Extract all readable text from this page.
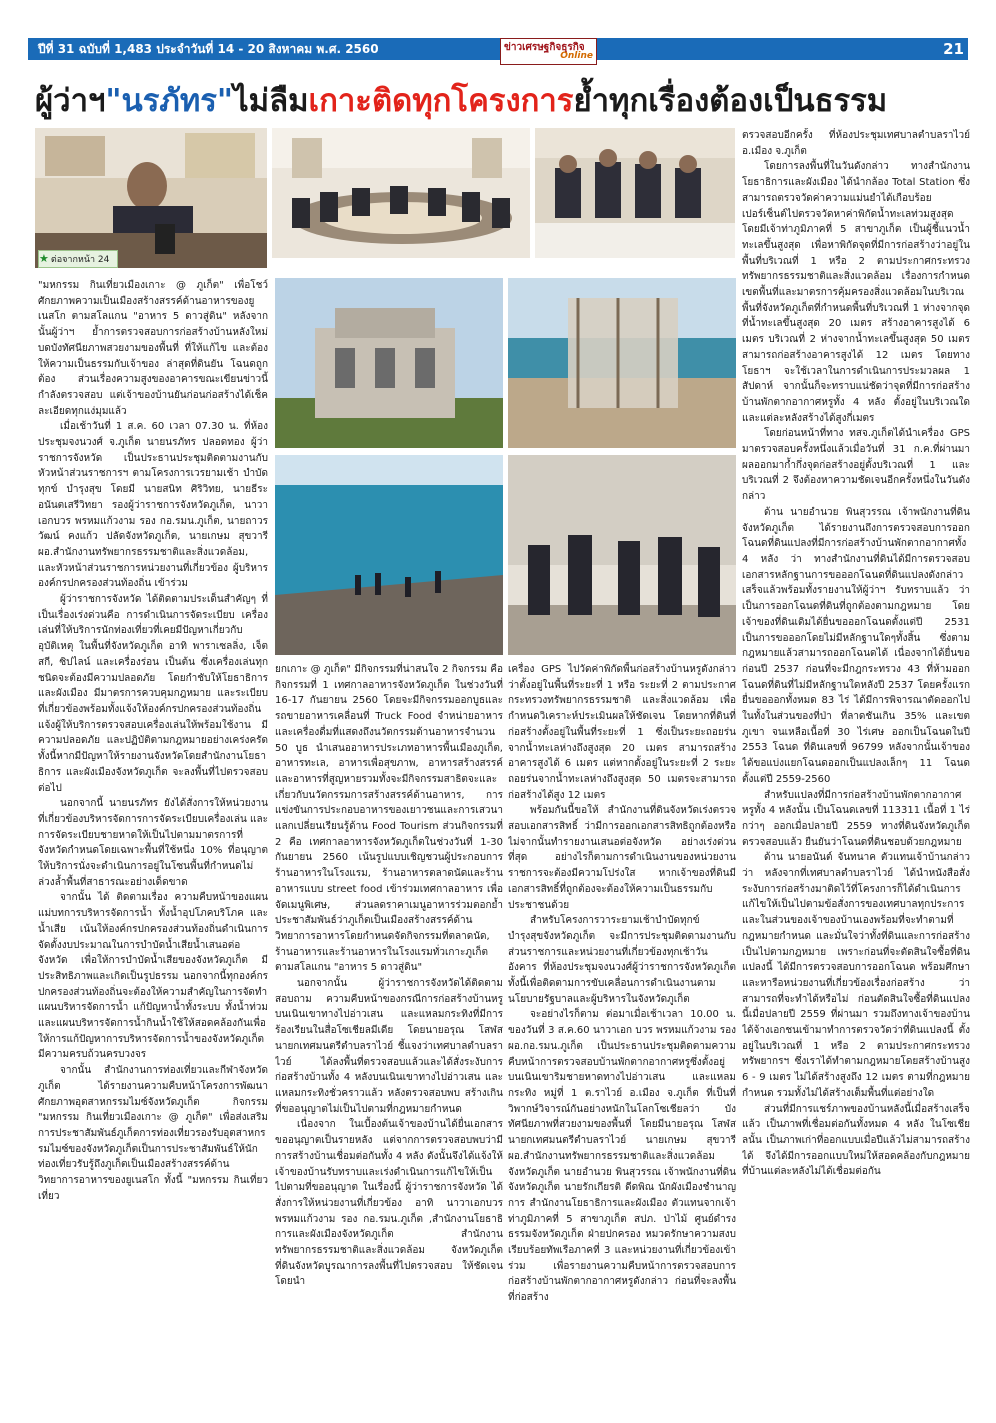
ปีที่ 31 ฉบับที่ 1,483 ประจำวันที่ 14 - 20 สิงหาคม พ.ศ. 2560	ข่าวเศรษฐกิจธุรกิจ
Online	21
ผู้ว่าฯ"นรภัทร"ไม่ลืมเกาะติดทุกโครงการย้ำทุกเรื่องต้องเป็นธรรม
★ ต่อจากหน้า 24

"มหกรรม กินเที่ยวเมืองเกาะ @ ภูเก็ต" เพื่อโชว์ ศักยภาพความเป็นเมืองสร้างสรรค์ด้านอาหารของยูเนสโก ตามสโลแกน "อาหาร 5 ดาวสู่ดิน" หลังจากนั้นผู้ว่าฯ ย้ำการตรวจสอบการก่อสร้างบ้านหลังใหม่ บดบังทัศนียภาพสวยงามของพื้นที่ ที่ให้แก้ไข และต้องให้ความเป็นธรรมกับเจ้าของ ล่าสุดที่ดินยัน โฉนดถูกต้อง ส่วนเรื่องความสูงของอาคารขณะเขียนข่าวนี้กำลังตรวจสอบ แต่เจ้าของบ้านยันก่อนก่อสร้างได้เช็คละเอียดทุกแง่มุมแล้ว

เมื่อเช้าวันที่ 1 ส.ค. 60 เวลา 07.30 น. ที่ห้องประชุมจงนวงศ์ จ.ภูเก็ต นายนรภัทร ปลอดทอง ผู้ว่าราชการจังหวัด เป็นประธานประชุมติดตามงานกับหัวหน้าส่วนราชการฯ ตามโครงการเวรยามเช้า บำบัดทุกข์ บำรุงสุข โดยมี นายสนิท ศิริวิทย, นายธีระ อนันตเสรีวิทยา รองผู้ว่าราชการจังหวัดภูเก็ต, นาวาเอกบวร พรหมแก้วงาม รอง กอ.รมน.ภูเก็ต, นายถาวรวัฒน์ คงแก้ว ปลัดจังหวัดภูเก็ต, นายเกษม สุขวารี ผอ.สำนักงานทรัพยากรธรรมชาติและสิ่งแวดล้อม, และหัวหน้าส่วนราชการหน่วยงานที่เกี่ยวข้อง ผู้บริหารองค์กรปกครองส่วนท้องถิ่น เข้าร่วม

ผู้ว่าราชการจังหวัด ได้ติดตามประเด็นสำคัญๆ ที่เป็นเรื่องเร่งด่วนคือ การดำเนินการจัดระเบียบ เครื่องเล่นที่ให้บริการนักท่องเที่ยวที่เคยมีปัญหาเกี่ยวกับอุบัติเหตุ ในพื้นที่จังหวัดภูเก็ต อาทิ พาราเซลลิ่ง, เจ็ตสกี, ซิปไลน์ และเครื่องร่อน เป็นต้น ซึ่งเครื่องเล่นทุกชนิดจะต้องมีความปลอดภัย โดยกำชับให้โยธาธิการและผังเมือง มีมาตรการควบคุมกฎหมาย และระเบียบที่เกี่ยวข้องพร้อมทั้งแจ้งให้องค์กรปกครองส่วนท้องถิ่นแจ้งผู้ให้บริการตรวจสอบเครื่องเล่นให้พร้อมใช้งาน มีความปลอดภัย และปฏิบัติตามกฎหมายอย่างเคร่งครัด ทั้งนี้หากมีปัญหาให้รายงานจังหวัดโดยสำนักงานโยธาธิการ และผังเมืองจังหวัดภูเก็ต จะลงพื้นที่ไปตรวจสอบต่อไป

นอกจากนี้ นายนรภัทร ยังได้สั่งการให้หน่วยงานที่เกี่ยวข้องบริหารจัดการการจัดระเบียบเครื่องเล่น และการจัดระเบียบชายหาดให้เป็นไปตามมาตรการที่จังหวัดกำหนดโดยเฉพาะพื้นที่ใช้หนึ่ง 10% ที่อนุญาตให้บริการนั่งจะดำเนินการอยู่ในโซนพื้นที่กำหนดไม่ล่วงล้ำพื้นที่สาธารณะอย่างเด็ดขาด

จากนั้น ได้ ติดตามเรื่อง ความคืบหน้าของแผนแม่บทการบริหารจัดการน้ำ ทั้งน้ำอุปโภคบริโภค และน้ำเสีย เน้นให้องค์กรปกครองส่วนท้องถิ่นดำเนินการจัดตั้งงบประมาณในการบำบัดน้ำเสียน้ำเสนอต่อจังหวัด เพื่อให้การบำบัดน้ำเสียของจังหวัดภูเก็ต มีประสิทธิภาพและเกิดเป็นรูปธรรม นอกจากนี้ทุกองค์กรปกครองส่วนท้องถิ่นจะต้องให้ความสำคัญในการจัดทำแผนบริหารจัดการน้ำ แก้ปัญหาน้ำทั้งระบบ ทั้งน้ำท่วมและแผนบริหารจัดการน้ำกินน้ำใช้ให้สอดคล้องกันเพื่อให้การแก้ปัญหาการบริหารจัดการน้ำของจังหวัดภูเก็ตมีความครบถ้วนครบวงจร

จากนั้น สำนักงานการท่องเที่ยวและกีฬาจังหวัดภูเก็ต ได้รายงานความคืบหน้าโครงการพัฒนาศักยภาพอุตสาหกรรมไมซ์จังหวัดภูเก็ต กิจกรรม "มหกรรม กินเที่ยวเมืองเกาะ @ ภูเก็ต" เพื่อส่งเสริมการประชาสัมพันธ์ภูเก็ตการท่องเที่ยวรองรับอุตสาหกรรมไมซ์ของจังหวัดภูเก็ตเป็นการประชาสัมพันธ์ให้นักท่องเที่ยวรับรู้ถึงภูเก็ตเป็นเมืองสร้างสรรค์ด้านวิทยาการอาหารของยูเนสโก ทั้งนี้ "มหกรรม กินเที่ยวเที่ยว

ยกเกาะ @ ภูเก็ต" มีกิจกรรมที่น่าสนใจ 2 กิจกรรม คือ กิจกรรมที่ 1 เทศกาลอาหารจังหวัดภูเก็ต ในช่วงวันที่ 16-17 กันยายน 2560 โดยจะมีกิจกรรมออกบูธและรถขายอาหารเคลื่อนที่ Truck Food จำหน่ายอาหารและเครื่องดื่มที่แสดงถึงนวัตกรรมด้านอาหารจำนวน 50 บูธ นำเสนออาหารประเภทอาหารพื้นเมืองภูเก็ต, อาหารทะเล, อาหารเพื่อสุขภาพ, อาหารสร้างสรรค์และอาหารที่สูญหายรวมทั้งจะมีกิจกรรมสาธิตจะและเกี่ยวกับนวัตกรรมการสร้างสรรค์ด้านอาหาร, การแข่งขันการประกอบอาหารของเยาวชนและการเสวนาแลกเปลี่ยนเรียนรู้ด้าน Food Tourism ส่วนกิจกรรมที่ 2 คือ เทศกาลอาหารจังหวัดภูเก็ตในช่วงวันที่ 1-30 กันยายน 2560 เน้นรูปแบบเชิญชวนผู้ประกอบการร้านอาหารในโรงแรม, ร้านอาหารตลาดนัดและร้านอาหารแบบ street food เข้าร่วมเทศกาลอาหาร เพื่อจัดเมนูพิเศษ, ส่วนลดราคาเมนูอาหารร่วมตอกย้ำประชาสัมพันธ์ว่าภูเก็ตเป็นเมืองสร้างสรรค์ด้านวิทยาการอาหารโดยกำหนดจัดกิจกรรมที่ตลาดนัด, ร้านอาหารและร้านอาหารในโรงแรมทั่วเกาะภูเก็ตตามสโลแกน "อาหาร 5 ดาวสู่ดิน"

นอกจากนั้น ผู้ว่าราชการจังหวัดได้ติดตามสอบถาม ความคืบหน้าของกรณีการก่อสร้างบ้านหรูบนเนินเขาทางไปอ่าวเสน และแหลมกระทิงที่มีการร้องเรียนในสื่อโซเชียลมีเดีย โดยนายอรุณ โสฬส นายกเทศมนตรีตำบลราไวย์ ชี้แจงว่าเทศบาลตำบลราไวย์ ได้ลงพื้นที่ตรวจสอบแล้วและได้สั่งระงับการก่อสร้างบ้านทั้ง 4 หลังบนเนินเขาทางไปอ่าวเสน และแหลมกระทิงชั่วคราวแล้ว หลังตรวจสอบพบ สร้างเกินที่ขออนุญาตไม่เป็นไปตามที่กฎหมายกำหนด

เนื่องจาก ในเบื้องต้นเจ้าของบ้านได้ยื่นเอกสารขออนุญาตเป็นรายหลัง แต่จากการตรวจสอบพบว่ามีการสร้างบ้านเชื่อมต่อกันทั้ง 4 หลัง ดังนั้นจึงได้แจ้งให้เจ้าของบ้านรับทราบและเร่งดำเนินการแก้ไขให้เป็นไปตามที่ขออนุญาต ในเรื่องนี้ ผู้ว่าราชการจังหวัด ได้สั่งการให้หน่วยงานที่เกี่ยวข้อง อาทิ นาวาเอกบวร พรหมแก้วงาม รอง กอ.รมน.ภูเก็ต ,สำนักงานโยธาธิการและผังเมืองจังหวัดภูเก็ต สำนักงานทรัพยากรธรรมชาติและสิ่งแวดล้อม จังหวัดภูเก็ต ที่ดินจังหวัดบูรณาการลงพื้นที่ไปตรวจสอบ ให้ชัดเจน โดยนำ

เครื่อง GPS ไปวัดค่าพิกัดพื้นก่อสร้างบ้านหรูดังกล่าวว่าตั้งอยู่ในพื้นที่ระยะที่ 1 หรือ ระยะที่ 2 ตามประกาศกระทรวงทรัพยากรธรรมชาติ และสิ่งแวดล้อม เพื่อกำหนดวิเคราะห์ประเมินผลให้ชัดเจน โดยหากที่ดินที่ก่อสร้างตั้งอยู่ในพื้นที่ระยะที่ 1 ซึ่งเป็นระยะถอยร่นจากน้ำทะเลห่างถึงสูงสุด 20 เมตร สามารถสร้างอาคารสูงได้ 6 เมตร แต่หากตั้งอยู่ในระยะที่ 2 ระยะถอยร่นจากน้ำทะเลห่างถึงสูงสุด 50 เมตรจะสามารถก่อสร้างได้สูง 12 เมตร

พร้อมกันนี้ขอให้ สำนักงานที่ดินจังหวัดเร่งตรวจสอบเอกสารสิทธิ์ ว่ามีการออกเอกสารสิทธิถูกต้องหรือไม่จากนั้นทำรายงานเสนอต่อจังหวัด อย่างเร่งด่วนที่สุด อย่างไรก็ตามการดำเนินงานของหน่วยงานราชการจะต้องมีความโปร่งใส หากเจ้าของที่ดินมีเอกสารสิทธิ์ที่ถูกต้องจะต้องให้ความเป็นธรรมกับประชาชนด้วย

สำหรับโครงการวาระยามเช้าบำบัดทุกข์ บำรุงสุขจังหวัดภูเก็ต จะมีการประชุมติดตามงานกับส่วนราชการและหน่วยงานที่เกี่ยวข้องทุกเช้าวันอังคาร ที่ห้องประชุมจงนวงศ์ผู้ว่าราชการจังหวัดภูเก็ต ทั้งนี้เพื่อติดตามการขับเคลื่อนการดำเนินงานตามนโยบายรัฐบาลและผู้บริหารในจังหวัดภูเก็ต

จะอย่างไรก็ตาม ต่อมาเมื่อเช้าเวลา 10.00 น. ของวันที่ 3 ส.ค.60 นาวาเอก บวร พรหมแก้วงาม รองผอ.กอ.รมน.ภูเก็ต เป็นประธานประชุมติดตามความคืบหน้าการตรวจสอบบ้านพักตากอากาศหรูซึ่งตั้งอยู่บนเนินเขาริมชายหาดทางไปอ่าวเสน และแหลมกระทิง หมู่ที่ 1 ต.ราไวย์ อ.เมือง จ.ภูเก็ต ที่เป็นที่วิพากษ์วิจารณ์กันอย่างหนักในโลกโซเชียลว่า บังทัศนียภาพที่สวยงามของพื้นที่ โดยมีนายอรุณ โสฬส นายกเทศมนตรีตำบลราไวย์ นายเกษม สุขวารี ผอ.สำนักงานทรัพยากรธรรมชาติและสิ่งแวดล้อมจังหวัดภูเก็ต นายอำนวย พินสุวรรณ เจ้าพนักงานที่ดินจังหวัดภูเก็ต นายรักเกียรติ ดีดพิณ นักผังเมืองชำนาญการ สำนักงานโยธาธิการและผังเมือง ตัวแทนจากเจ้าท่าภูมิภาคที่ 5 สาขาภูเก็ต สปภ. ป่าไม้ ศูนย์ดำรงธรรมจังหวัดภูเก็ต ฝ่ายปกครอง หมวดรักษาความสงบเรียบร้อยทัพเรือภาคที่ 3 และหน่วยงานที่เกี่ยวข้องเข้าร่วม เพื่อรายงานความคืบหน้าการตรวจสอบการก่อสร้างบ้านพักตากอากาศหรูดังกล่าว ก่อนที่จะลงพื้นที่ก่อสร้าง

ตรวจสอบอีกครั้ง ที่ห้องประชุมเทศบาลตำบลราไวย์ อ.เมือง จ.ภูเก็ต

โดยการลงพื้นที่ในวันดังกล่าว ทางสำนักงานโยธาธิการและผังเมือง ได้นำกล้อง Total Station ซึ่งสามารถตรวจวัดค่าความแม่นยำได้เกือบร้อยเปอร์เซ็นต์ไปตรวจวัดหาค่าพิกัดน้ำทะเลท่วมสูงสุด โดยมีเจ้าท่าภูมิภาคที่ 5 สาขาภูเก็ต เป็นผู้ชี้แนวน้ำทะเลขึ้นสูงสุด เพื่อหาพิกัดจุดที่มีการก่อสร้างว่าอยู่ในพื้นที่บริเวณที่ 1 หรือ 2 ตามประกาศกระทรวงทรัพยากรธรรมชาติและสิ่งแวดล้อม เรื่องการกำหนดเขตพื้นที่และมาตรการคุ้มครองสิ่งแวดล้อมในบริเวณพื้นที่จังหวัดภูเก็ตที่กำหนดพื้นที่บริเวณที่ 1 ห่างจากจุดที่น้ำทะเลขึ้นสูงสุด 20 เมตร สร้างอาคารสูงได้ 6 เมตร บริเวณที่ 2 ห่างจากน้ำทะเลขึ้นสูงสุด 50 เมตร สามารถก่อสร้างอาคารสูงได้ 12 เมตร โดยทางโยธาฯ จะใช้เวลาในการดำเนินการประมวลผล 1 สัปดาห์ จากนั้นก็จะทราบแน่ชัดว่าจุดที่มีการก่อสร้างบ้านพักตากอากาศหรูทั้ง 4 หลัง ตั้งอยู่ในบริเวณใด และแต่ละหลังสร้างได้สูงกี่เมตร

โดยก่อนหน้าที่ทาง ทสจ.ภูเก็ตได้นำเครื่อง GPS มาตรวจสอบครั้งหนึ่งแล้วเมื่อวันที่ 31 ก.ค.ที่ผ่านมา ผลออกมาก้ำกึ่งจุดก่อสร้างอยู่ตั้งบริเวณที่ 1 และบริเวณที่ 2 จึงต้องหาความชัดเจนอีกครั้งหนึ่งในวันดังกล่าว

ด้าน นายอำนวย พินสุวรรณ เจ้าพนักงานที่ดินจังหวัดภูเก็ต ได้รายงานถึงการตรวจสอบการออกโฉนดที่ดินแปลงที่มีการก่อสร้างบ้านพักตากอากาศทั้ง 4 หลัง ว่า ทางสำนักงานที่ดินได้มีการตรวจสอบเอกสารหลักฐานการขอออกโฉนดที่ดินแปลงดังกล่าวเสร็จแล้วพร้อมทั้งรายงานให้ผู้ว่าฯ รับทราบแล้ว ว่าเป็นการออกโฉนดที่ดินที่ถูกต้องตามกฎหมาย โดยเจ้าของที่ดินเดิมได้ยื่นขอออกโฉนดตั้งแต่ปี 2531 เป็นการขอออกโดยไม่มีหลักฐานใดๆทั้งสิ้น ซึ่งตามกฎหมายแล้วสามารถออกโฉนดได้ เนื่องจากได้ยื่นขอก่อนปี 2537 ก่อนที่จะมีกฎกระทรวง 43 ที่ห้ามออกโฉนดที่ดินที่ไม่มีหลักฐานใดหลังปี 2537 โดยครั้งแรกยื่นขอออกทั้งหมด 83 ไร่ ได้มีการพิจารณาตัดออกไปในทั้งในส่วนของที่ป่า ที่ลาดชันเกิน 35% และเขตภูเขา จนเหลือเนื้อที่ 30 ไร่เศษ ออกเป็นโฉนดในปี 2553 โฉนด ที่ดินเลขที่ 96799 หลังจากนั้นเจ้าของได้ขอแบ่งแยกโฉนดออกเป็นแปลงเล็กๆ 11 โฉนดตั้งแต่ปี 2559-2560

สำหรับแปลงที่มีการก่อสร้างบ้านพักตากอากาศหรูทั้ง 4 หลังนั้น เป็นโฉนดเลขที่ 113311 เนื้อที่ 1 ไร่กว่าๆ ออกเมื่อปลายปี 2559 ทางที่ดินจังหวัดภูเก็ตตรวจสอบแล้ว ยืนยันว่าโฉนดที่ดินชอบด้วยกฎหมาย

ด้าน นายอนันต์ จันทนาค ตัวแทนเจ้าบ้านกล่าวว่า หลังจากที่เทศบาลตำบลราไวย์ ได้นำหนังสือสั่งระงับการก่อสร้างมาติดไว้ที่โครงการก็ได้ดำเนินการแก้ไขให้เป็นไปตามข้อสั่งการของเทศบาลทุกประการ และในส่วนของเจ้าของบ้านเองพร้อมที่จะทำตามที่กฎหมายกำหนด และมั่นใจว่าทั้งที่ดินและการก่อสร้างเป็นไปตามกฎหมาย เพราะก่อนที่จะตัดสินใจซื้อที่ดินแปลงนี้ ได้มีการตรวจสอบการออกโฉนด พร้อมศึกษาและหารือหน่วยงานที่เกี่ยวข้องเรื่องก่อสร้าง ว่าสามารถที่จะทำได้หรือไม่ ก่อนตัดสินใจซื้อที่ดินแปลงนี้เมื่อปลายปี 2559 ที่ผ่านมา รวมถึงทางเจ้าของบ้านได้จ้างเอกชนเข้ามาทำการตรวจวัดว่าที่ดินแปลงนี้ ตั้งอยู่ในบริเวณที่ 1 หรือ 2 ตามประกาศกระทรวงทรัพยากรฯ ซึ่งเราได้ทำตามกฎหมายโดยสร้างบ้านสูง 6 - 9 เมตร ไม่ได้สร้างสูงถึง 12 เมตร ตามที่กฎหมายกำหนด รวมทั้งไม่ได้สร้างเต็มพื้นที่แต่อย่างใด

ส่วนที่มีการแชร์ภาพของบ้านหลังนี้เมื่อสร้างเสร็จแล้ว เป็นภาพที่เชื่อมต่อกันทั้งหมด 4 หลัง ในโซเชียลนั้น เป็นภาพเก่าที่ออกแบบเมื่อปีแล้วไม่สามารถสร้างได้ จึงได้มีการออกแบบใหม่ให้สอดคล้องกับกฎหมาย ที่บ้านแต่ละหลังไม่ได้เชื่อมต่อกัน
